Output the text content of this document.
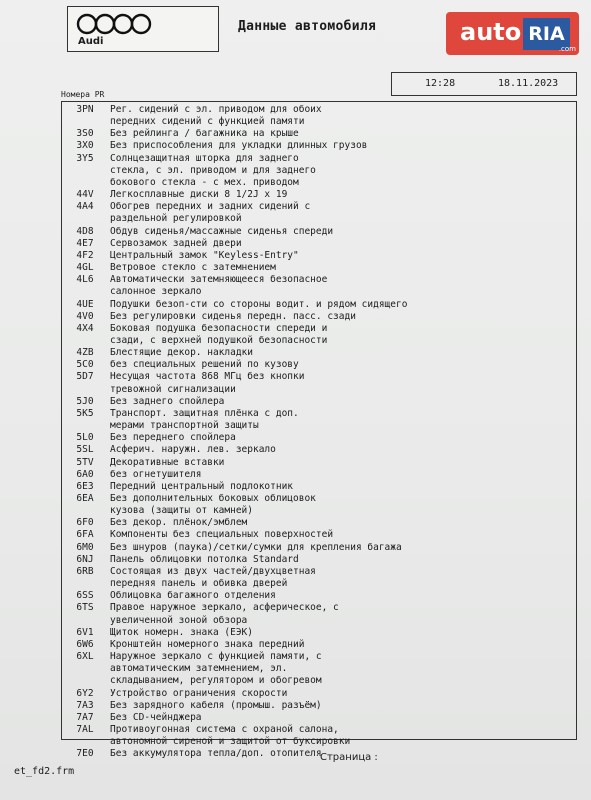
Audi
Данные автомобиля	auto RIA
.com
12:28	18.11.2023
Номера PR
3PN	Рег. сидений с эл. приводом для обоих
передних сидений с функцией памяти
3S0	Без рейлинга / багажника на крыше
3X0	Без приспособления для укладки длинных грузов
3Y5	Солнцезащитная шторка для заднего
стекла, с эл. приводом и для заднего
бокового стекла - с мех. приводом
44V	Легкосплавные диски 8 1/2J x 19
4A4	Обогрев передних и задних сидений с
раздельной регулировкой
4D8	Обдув сиденья/массажные сиденья спереди
4E7	Сервозамок задней двери
4F2	Центральный замок "Keyless-Entry"
4GL	Ветровое стекло с затемнением
4L6	Автоматически затемняющееся безопасное
салонное зеркало
4UE	Подушки безоп-сти со стороны водит. и рядом сидящего
4V0	Без регулировки сиденья передн. пасс. сзади
4X4	Боковая подушка безопасности спереди и
сзади, с верхней подушкой безопасности
4ZB	Блестящие декор. накладки
5C0	без специальных решений по кузову
5D7	Несущая частота 868 МГц без кнопки
тревожной сигнализации
5J0	Без заднего спойлера
5K5	Транспорт. защитная плёнка с доп.
мерами транспортной защиты
5L0	Без переднего спойлера
5SL	Асферич. наружн. лев. зеркало
5TV	Декоративные вставки
6A0	без огнетушителя
6E3	Передний центральный подлокотник
6EA	Без дополнительных боковых облицовок
кузова (защиты от камней)
6F0	Без декор. плёнок/эмблем
6FA	Компоненты без специальных поверхностей
6M0	Без шнуров (паука)/сетки/сумки для крепления багажа
6NJ	Панель облицовки потолка Standard
6RB	Состоящая из двух частей/двухцветная
передняя панель и обивка дверей
6SS	Облицовка багажного отделения
6TS	Правое наружное зеркало, асферическое, с
увеличенной зоной обзора
6V1	Щиток номерн. знака (ЕЭК)
6W6	Кронштейн номерного знака передний
6XL	Наружное зеркало с функцией памяти, с
автоматическим затемнением, эл.
складыванием, регулятором и обогревом
6Y2	Устройство ограничения скорости
7A3	Без зарядного кабеля (промыш. разъём)
7A7	Без CD-чейнджера
7AL	Противоугонная система с охраной салона,
автономной сиреной и защитой от буксировки
7E0	Без аккумулятора тепла/доп. отопителя
Страница :
et_fd2.frm
